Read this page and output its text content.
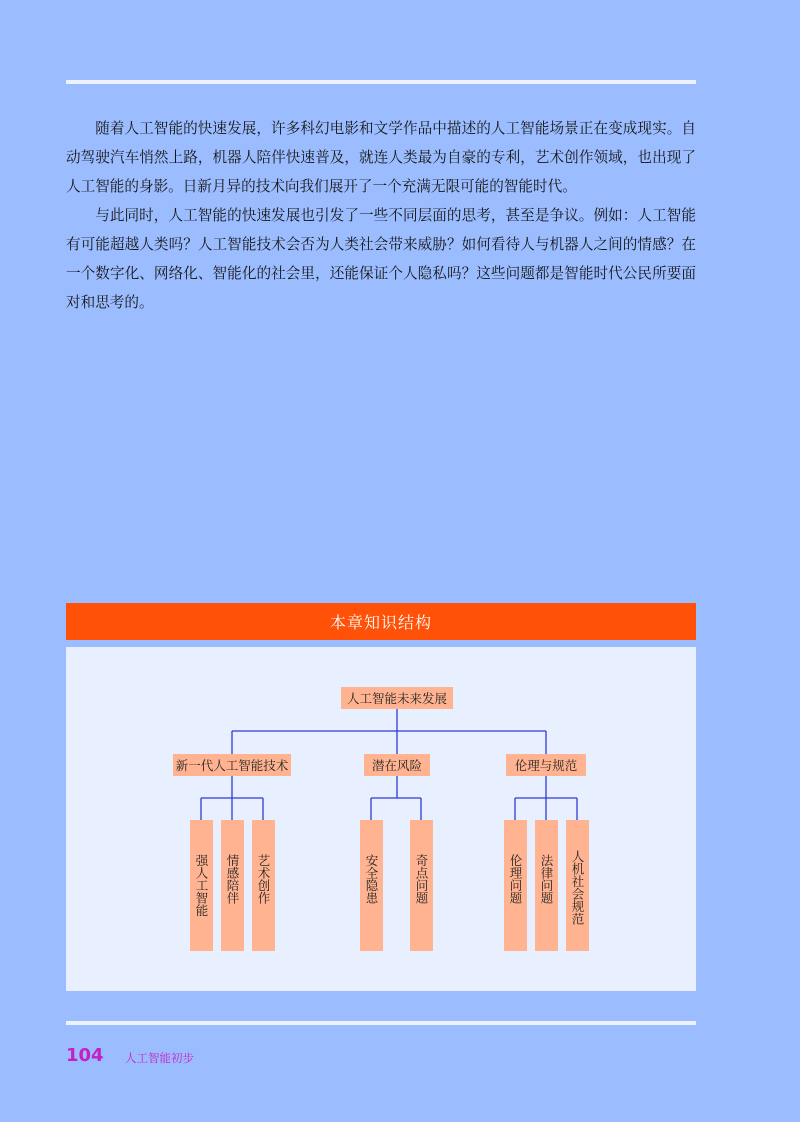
随着人工智能的快速发展，许多科幻电影和文学作品中描述的人工智能场景正在变成现实。自动驾驶汽车悄然上路，机器人陪伴快速普及，就连人类最为自豪的专利，艺术创作领域，也出现了人工智能的身影。日新月异的技术向我们展开了一个充满无限可能的智能时代。

与此同时，人工智能的快速发展也引发了一些不同层面的思考，甚至是争议。例如：人工智能有可能超越人类吗？人工智能技术会否为人类社会带来威胁？如何看待人与机器人之间的情感？在一个数字化、网络化、智能化的社会里，还能保证个人隐私吗？这些问题都是智能时代公民所要面对和思考的。

本章知识结构
人工智能未来发展
新一代人工智能技术	潜在风险	伦理与规范
强人工智能	情感陪伴	艺术创作	安全隐患	奇点问题	伦理问题	法律问题	人机社会规范
104 人工智能初步
